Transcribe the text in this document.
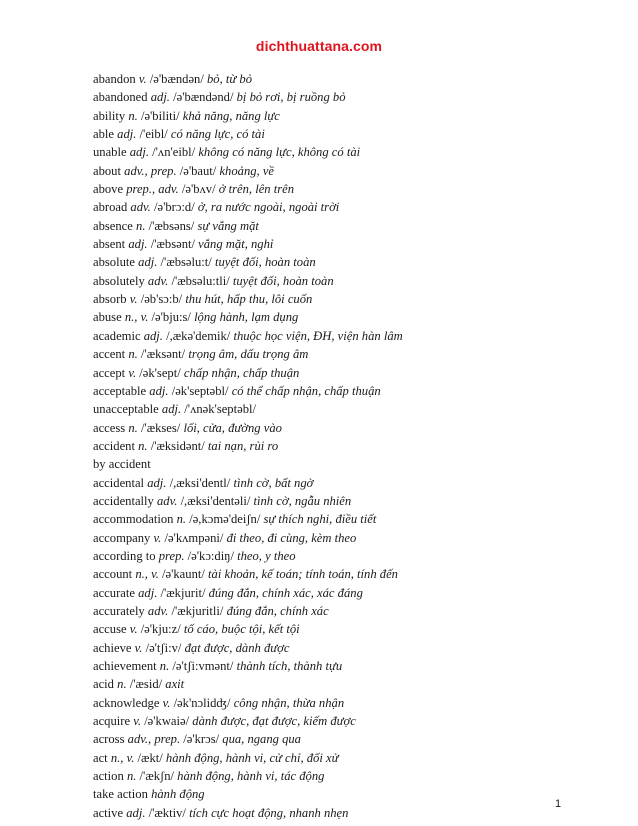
dichthuattana.com
abandon v. /ə'bændən/ bỏ, từ bỏ
abandoned adj. /ə'bændənd/ bị bỏ rơi, bị ruồng bỏ
ability n. /ə'biliti/ khả năng, năng lực
able adj. /'eibl/ có năng lực, có tài
unable adj. /'ʌn'eibl/ không có năng lực, không có tài
about adv., prep. /ə'baut/ khoảng, về
above prep., adv. /ə'bʌv/ ở trên, lên trên
abroad adv. /ə'brɔ:d/ ở, ra nước ngoài, ngoài trời
absence n. /'æbsəns/ sự vắng mặt
absent adj. /'æbsənt/ vắng mặt, nghỉ
absolute adj. /'æbsəlu:t/ tuyệt đối, hoàn toàn
absolutely adv. /'æbsəlu:tli/ tuyệt đối, hoàn toàn
absorb v. /əb'sɔ:b/ thu hút, hấp thu, lôi cuốn
abuse n., v. /ə'bju:s/ lộng hành, lạm dụng
academic adj. /,ækə'demik/ thuộc học viện, ĐH, viện hàn lâm
accent n. /'æksənt/ trọng âm, dấu trọng âm
accept v. /ək'sept/ chấp nhận, chấp thuận
acceptable adj. /ək'septəbl/ có thể chấp nhận, chấp thuận
unacceptable adj. /'ʌnək'septəbl/
access n. /'ækses/ lối, cửa, đường vào
accident n. /'æksidənt/ tai nạn, rủi ro
by accident
accidental adj. /,æksi'dentl/ tình cờ, bất ngờ
accidentally adv. /,æksi'dentəli/ tình cờ, ngẫu nhiên
accommodation n. /ə,kɔmə'deiʃn/ sự thích nghi, điều tiết
accompany v. /ə'kʌmpəni/ đi theo, đi cùng, kèm theo
according to prep. /ə'kɔ:diŋ/ theo, y theo
account n., v. /ə'kaunt/ tài khoản, kế toán; tính toán, tính đến
accurate adj. /'ækjurit/ đúng đắn, chính xác, xác đáng
accurately adv. /'ækjuritli/ đúng đắn, chính xác
accuse v. /ə'kju:z/ tố cáo, buộc tội, kết tội
achieve v. /ə'tʃi:v/ đạt được, dành được
achievement n. /ə'tʃi:vmənt/ thành tích, thành tựu
acid n. /'æsid/ axit
acknowledge v. /ək'nɔlidʤ/ công nhận, thừa nhận
acquire v. /ə'kwaiə/ dành được, đạt được, kiếm được
across adv., prep. /ə'krɔs/ qua, ngang qua
act n., v. /ækt/ hành động, hành vi, cử chỉ, đối xử
action n. /'ækʃn/ hành động, hành vi, tác động
take action hành động
active adj. /'æktiv/ tích cực hoạt động, nhanh nhẹn
1
